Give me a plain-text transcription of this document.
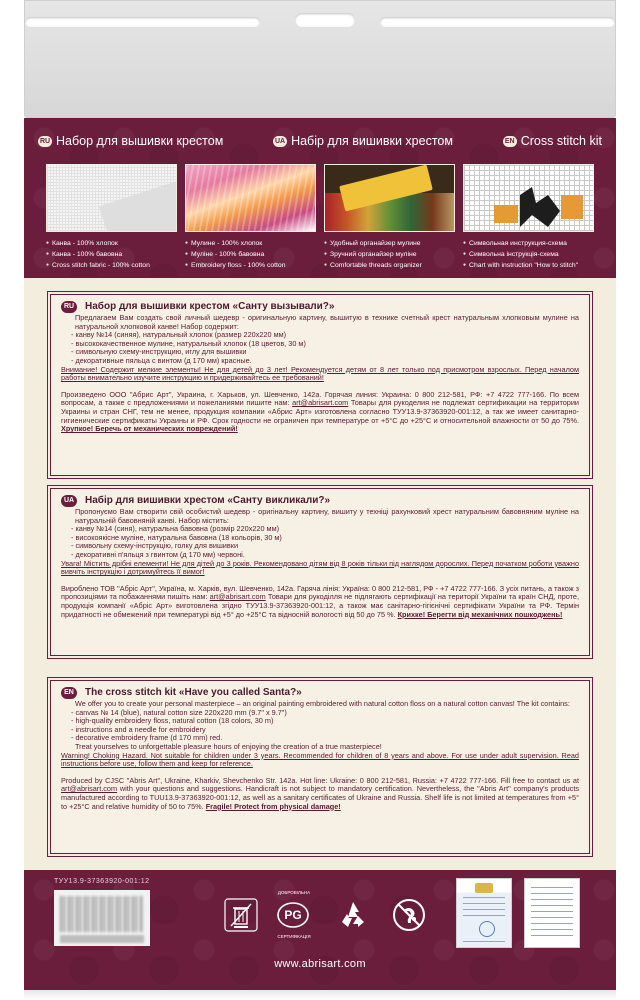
RU Набор для вышивки крестом	UA Набір для вишивки хрестом	EN Cross stitch kit
● Канва - 100% хлопок
● Канва - 100% бавовна
● Cross stitch fabric - 100% cotton
● Мулине - 100% хлопок
● Муліне - 100% бавовна
● Embroidery floss - 100% cotton
● Удобный органайзер мулине
● Зручний органайзер муліне
● Comfortable threads organizer
● Символьная инструкция-схема
● Символьна інструкція-схема
● Chart with instruction "How to stitch"
RU Набор для вышивки крестом «Санту вызывали?»

Предлагаем Вам создать свой личный шедевр - оригинальную картину, вышитую в технике счетный крест натуральным хлопковым мулине на натуральной хлопковой канве! Набор содержит:

- канву №14 (синяя), натуральный хлопок (размер 220х220 мм)
- высококачественное мулине, натуральный хлопок (18 цветов, 30 м)
- символьную схему-инструкцию, иглу для вышивки
- декоративные пяльца с винтом (д 170 мм) красные.

Внимание! Содержит мелкие элементы! Не для детей до 3 лет! Рекомендуется детям от 8 лет только под присмотром взрослых. Перед началом работы внимательно изучите инструкцию и придерживайтесь ее требований!

Произведено ООО "Абрис Арт", Украина, г. Харьков, ул. Шевченко, 142а. Горячая линия: Украина: 0 800 212-581, РФ: +7 4722 777-166. По всем вопросам, а также с предложениями и пожеланиями пишите нам: art@abrisart.com Товары для рукоделия не подлежат сертификации на территории Украины и стран СНГ, тем не менее, продукция компании «Абрис Арт» изготовлена согласно ТУУ13.9-37363920-001:12, а так же имеет санитарно-гигиенические сертификаты Украины и РФ. Срок годности не ограничен при температуре от +5°С до +25°С и относительной влажности от 50 до 75%. Хрупкое! Беречь от механических повреждений!

UA Набір для вишивки хрестом «Санту викликали?»

Пропонуємо Вам створити свій особистий шедевр - оригінальну картину, вишиту у техніці рахунковий хрест натуральним бавовняним муліне на натуральній бавовняній канві. Набор містить:

- канву №14 (синя), натуральна бавовна (розмір 220х220 мм)
- високоякісне муліне, натуральна бавовна (18 кольорів, 30 м)
- символьну схему-інструкцію, голку для вишивки
- декоративні п'яльця з гвинтом (д 170 мм) червоні.

Увага! Містить дрібні елементи! Не для дітей до 3 років. Рекомендовано дітям від 8 років тільки під наглядом дорослих. Перед початком роботи уважно вивчіть інструкцію і дотримуйтесь її вимог!

Вироблено ТОВ "Абріс Арт", Україна, м. Харків, вул. Шевченко, 142а. Гаряча лінія: Україна: 0 800 212-581, РФ - +7 4722 777-166. З усіх питань, а також з пропозиціями та побажаннями пишіть нам: art@abrisart.com Товари для рукоділля не підлягають сертифікації на території України та країн СНД, проте, продукція компанії «Абріс Арт» виготовлена згідно ТУУ13.9-37363920-001:12, а також має санітарно-гігієнічні сертифікати України та РФ. Термін придатності не обмежений при температурі від +5° до +25°С та відносній вологості від 50 до 75 %. Крихке! Берегти від механічних пошкоджень!

EN	The cross stitch kit «Have you called Santa?»

We offer you to create your personal masterpiece – an original painting embroidered with natural cotton floss on a natural cotton canvas! The kit contains:

- canvas № 14 (blue), natural cotton size 220x220 mm (9.7" x 9.7")
- high-quality embroidery floss, natural cotton (18 colors, 30 m)
- instructions and a needle for embroidery
- decorative embroidery frame (d 170 mm) red.

Treat yourselves to unforgettable pleasure hours of enjoying the creation of a true masterpiece!

Warning! Choking Hazard. Not suitable for children under 3 years. Recommended for children of 8 years and above. For use under adult supervision. Read instructions before use, follow them and keep for reference.

Produced by CJSC "Abris Art", Ukraine, Kharkiv, Shevchenko Str. 142a. Hot line: Ukraine: 0 800 212-581, Russia: +7 4722 777-166. Fill free to contact us at art@abrisart.com with your questions and suggestions. Handicraft is not subject to mandatory certification. Nevertheless, the "Abris Art" company's products manufactured according to TUU13.9-37363920-001:12, as well as a sanitary certificates of Ukraine and Russia. Shelf life is not limited at temperatures from +5° to +25°C and relative humidity of 50 to 75%. Fragile! Protect from physical damage!

ТУУ13.9-37363920-001:12
ДОБРОВІЛЬНА
PG
СЕРТИФІКАЦІЯ
www.abrisart.com
